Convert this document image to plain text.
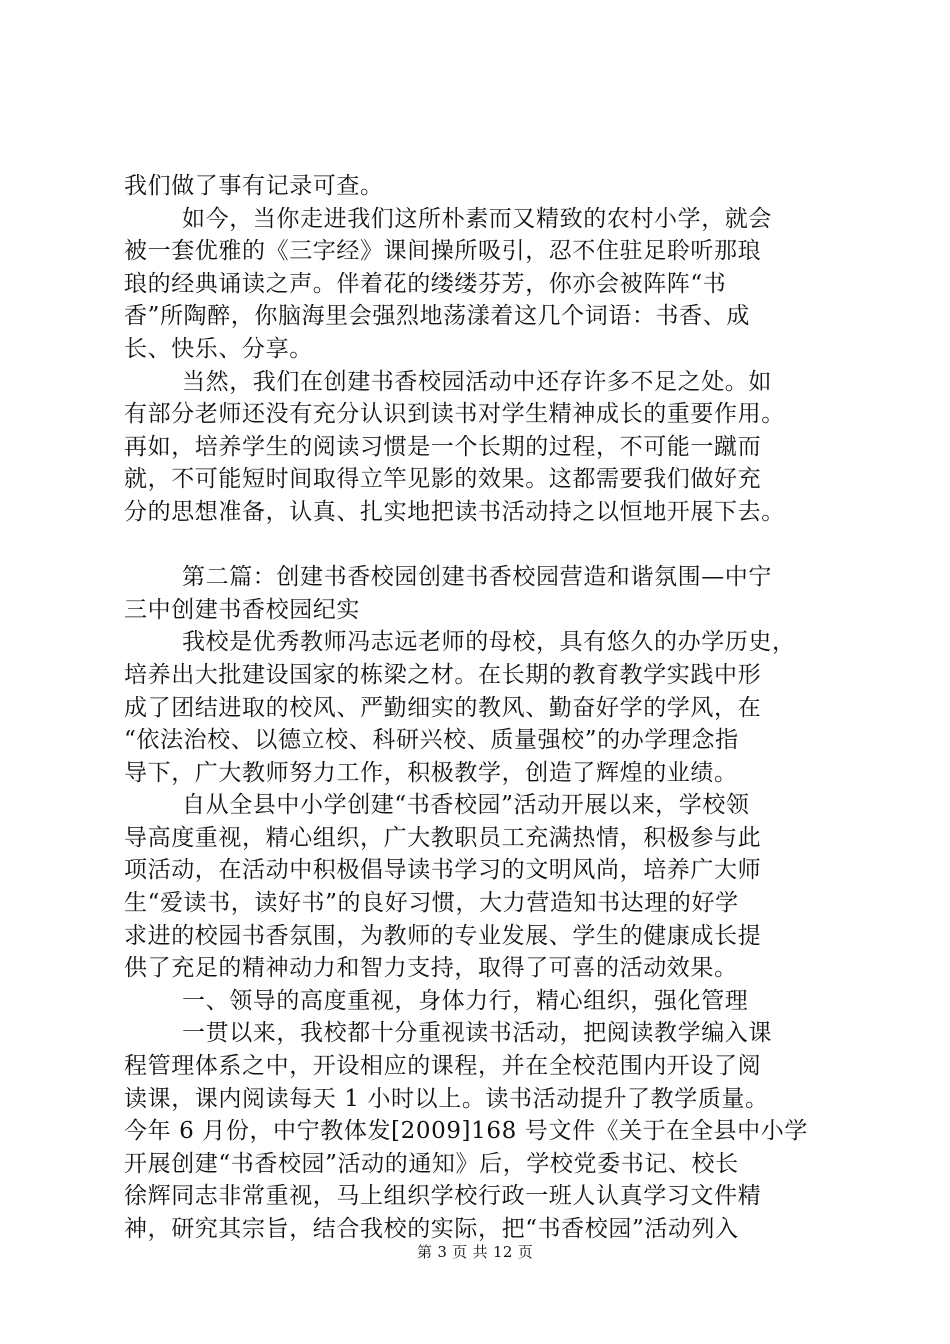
我们做了事有记录可查。
如今，当你走进我们这所朴素而又精致的农村小学，就会
被一套优雅的《三字经》课间操所吸引，忍不住驻足聆听那琅
琅的经典诵读之声。伴着花的缕缕芬芳，你亦会被阵阵“书
香”所陶醉，你脑海里会强烈地荡漾着这几个词语：书香、成
长、快乐、分享。
当然，我们在创建书香校园活动中还存许多不足之处。如
有部分老师还没有充分认识到读书对学生精神成长的重要作用。
再如，培养学生的阅读习惯是一个长期的过程，不可能一蹴而
就，不可能短时间取得立竿见影的效果。这都需要我们做好充
分的思想准备，认真、扎实地把读书活动持之以恒地开展下去。
第二篇：创建书香校园创建书香校园营造和谐氛围—中宁
三中创建书香校园纪实
我校是优秀教师冯志远老师的母校，具有悠久的办学历史，
培养出大批建设国家的栋梁之材。在长期的教育教学实践中形
成了团结进取的校风、严勤细实的教风、勤奋好学的学风，在
“依法治校、以德立校、科研兴校、质量强校”的办学理念指
导下，广大教师努力工作，积极教学，创造了辉煌的业绩。
自从全县中小学创建“书香校园”活动开展以来，学校领
导高度重视，精心组织，广大教职员工充满热情，积极参与此
项活动，在活动中积极倡导读书学习的文明风尚，培养广大师
生“爱读书，读好书”的良好习惯，大力营造知书达理的好学
求进的校园书香氛围，为教师的专业发展、学生的健康成长提
供了充足的精神动力和智力支持，取得了可喜的活动效果。
一、领导的高度重视，身体力行，精心组织，强化管理
一贯以来，我校都十分重视读书活动，把阅读教学编入课
程管理体系之中，开设相应的课程，并在全校范围内开设了阅
读课，课内阅读每天 1 小时以上。读书活动提升了教学质量。
今年 6 月份，中宁教体发[2009]168 号文件《关于在全县中小学
开展创建“书香校园”活动的通知》后，学校党委书记、校长
徐辉同志非常重视，马上组织学校行政一班人认真学习文件精
神，研究其宗旨，结合我校的实际，把“书香校园”活动列入
第 3 页 共 12 页
